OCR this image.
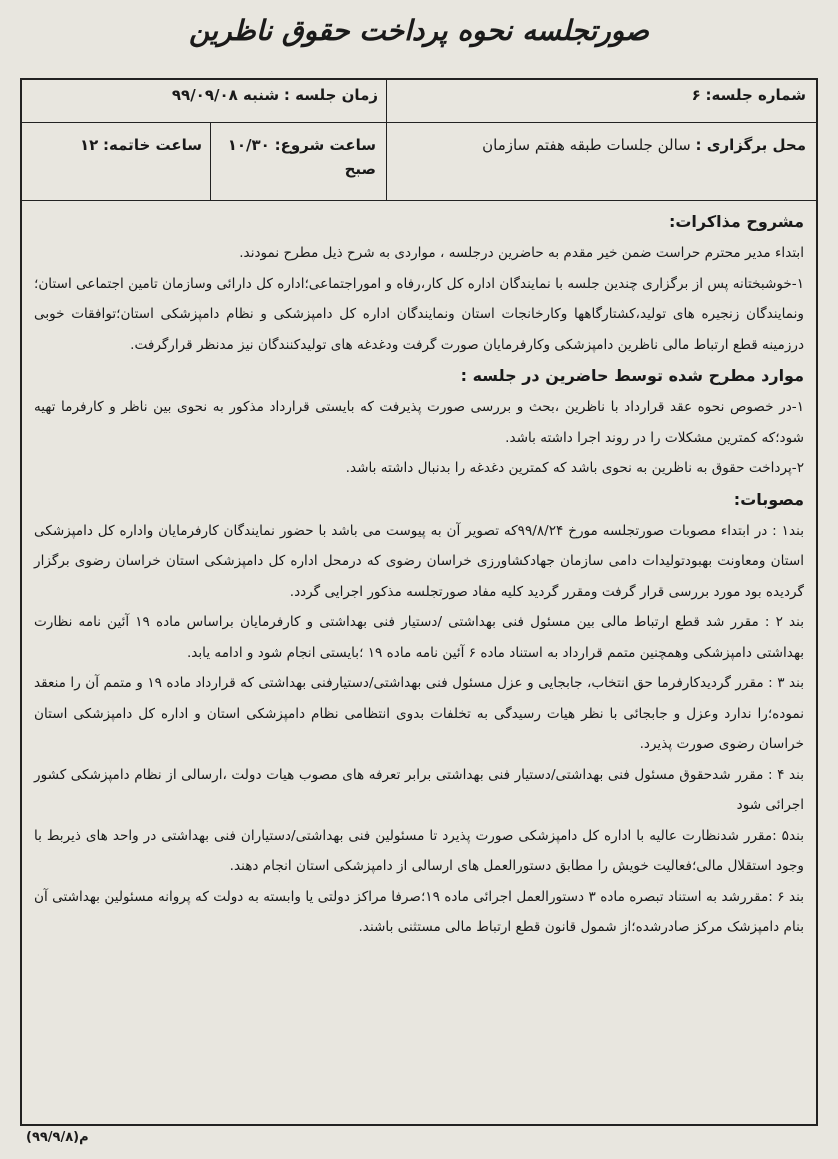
صورتجلسه نحوه پرداخت حقوق ناظرین
شماره جلسه: ۶
زمان جلسه : شنبه ۹۹/۰۹/۰۸
محل برگزاری : سالن جلسات طبقه هفتم سازمان
ساعت شروع: ۱۰/۳۰
صبح
ساعت خاتمه: ۱۲

مشروح مذاکرات:

ابتداء مدیر محترم حراست ضمن خیر مقدم به حاضرین درجلسه ، مواردی به شرح ذیل مطرح نمودند.

۱-خوشبختانه پس از برگزاری چندین جلسه با نمایندگان اداره کل کار،رفاه و اموراجتماعی؛اداره کل دارائی وسازمان تامین اجتماعی استان؛ ونمایندگان زنجیره های تولید،کشتارگاهها وکارخانجات استان ونمایندگان اداره کل دامپزشکی و نظام دامپزشکی استان؛توافقات خوبی درزمینه قطع ارتباط مالی ناظرین دامپزشکی وکارفرمایان صورت گرفت ودغدغه های تولیدکنندگان نیز مدنظر قرارگرفت.

موارد مطرح شده توسط حاضرین در جلسه :

۱-در خصوص نحوه عقد قرارداد با ناظرین ،بحث و بررسی صورت پذیرفت که بایستی قرارداد مذکور به نحوی بین ناظر و کارفرما تهیه شود؛که کمترین مشکلات را در روند اجرا داشته باشد.

۲-پرداخت حقوق به ناظرین به نحوی باشد که کمترین دغدغه را بدنبال داشته باشد.

مصوبات:

بند۱ : در ابتداء مصوبات صورتجلسه مورخ ۹۹/۸/۲۴که تصویر آن به پیوست می باشد با حضور نمایندگان کارفرمایان واداره کل دامپزشکی استان ومعاونت بهبودتولیدات دامی سازمان جهادکشاورزی خراسان رضوی که درمحل اداره کل دامپزشکی استان خراسان رضوی برگزار گردیده بود مورد بررسی قرار گرفت ومقرر گردید کلیه مفاد صورتجلسه مذکور اجرایی گردد.

بند ۲ : مقرر شد قطع ارتباط مالی بین مسئول فنی بهداشتی /دستیار فنی بهداشتی و کارفرمایان براساس ماده ۱۹ آئین نامه نظارت بهداشتی دامپزشکی وهمچنین متمم قرارداد به استناد ماده ۶ آئین نامه ماده ۱۹ ؛بایستی انجام شود و ادامه یابد.

بند ۳ : مقرر گردیدکارفرما حق انتخاب، جابجایی و عزل مسئول فنی بهداشتی/دستیارفنی بهداشتی که قرارداد ماده ۱۹ و متمم آن را منعقد نموده؛را ندارد وعزل و جابجائی با نظر هیات رسیدگی به تخلفات بدوی انتظامی نظام دامپزشکی استان و اداره کل دامپزشکی استان خراسان رضوی صورت پذیرد.

بند ۴ : مقرر شدحقوق مسئول فنی بهداشتی/دستیار فنی بهداشتی برابر تعرفه های مصوب هیات دولت ،ارسالی از نظام دامپزشکی کشور اجرائی شود

بند۵ :مقرر شدنظارت عالیه با اداره کل دامپزشکی صورت پذیرد تا مسئولین فنی بهداشتی/دستیاران فنی بهداشتی در واحد های ذیربط با وجود استقلال مالی؛فعالیت خویش را مطابق دستورالعمل های ارسالی از دامپزشکی استان انجام دهند.

بند ۶ :مقررشد به استناد تبصره ماده ۳ دستورالعمل اجرائی ماده ۱۹؛صرفا مراکز دولتی یا وابسته به دولت که پروانه مسئولین بهداشتی آن بنام دامپزشک مرکز صادرشده؛از شمول قانون قطع ارتباط مالی مستثنی باشند.

(۹۹/۹/۸)م
